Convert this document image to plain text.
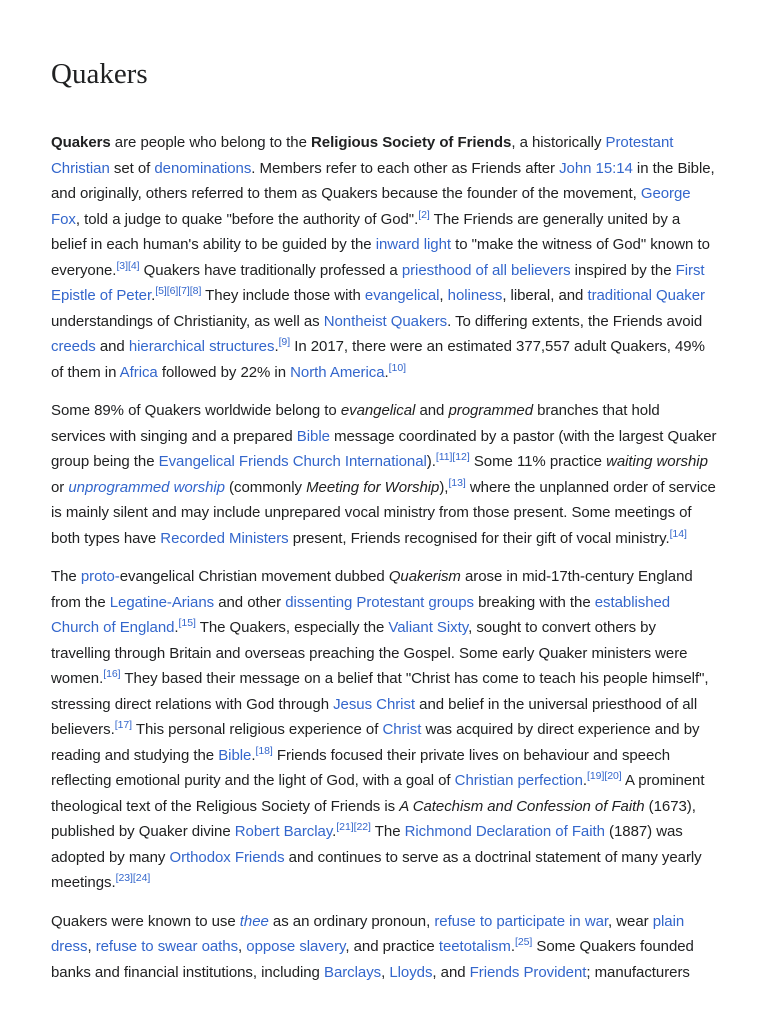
Quakers

Quakers are people who belong to the Religious Society of Friends, a historically Protestant Christian set of denominations. Members refer to each other as Friends after John 15:14 in the Bible, and originally, others referred to them as Quakers because the founder of the movement, George Fox, told a judge to quake "before the authority of God".[2] The Friends are generally united by a belief in each human's ability to be guided by the inward light to "make the witness of God" known to everyone.[3][4] Quakers have traditionally professed a priesthood of all believers inspired by the First Epistle of Peter.[5][6][7][8] They include those with evangelical, holiness, liberal, and traditional Quaker understandings of Christianity, as well as Nontheist Quakers. To differing extents, the Friends avoid creeds and hierarchical structures.[9] In 2017, there were an estimated 377,557 adult Quakers, 49% of them in Africa followed by 22% in North America.[10]

Some 89% of Quakers worldwide belong to evangelical and programmed branches that hold services with singing and a prepared Bible message coordinated by a pastor (with the largest Quaker group being the Evangelical Friends Church International).[11][12] Some 11% practice waiting worship or unprogrammed worship (commonly Meeting for Worship),[13] where the unplanned order of service is mainly silent and may include unprepared vocal ministry from those present. Some meetings of both types have Recorded Ministers present, Friends recognised for their gift of vocal ministry.[14]

The proto-evangelical Christian movement dubbed Quakerism arose in mid-17th-century England from the Legatine-Arians and other dissenting Protestant groups breaking with the established Church of England.[15] The Quakers, especially the Valiant Sixty, sought to convert others by travelling through Britain and overseas preaching the Gospel. Some early Quaker ministers were women.[16] They based their message on a belief that "Christ has come to teach his people himself", stressing direct relations with God through Jesus Christ and belief in the universal priesthood of all believers.[17] This personal religious experience of Christ was acquired by direct experience and by reading and studying the Bible.[18] Friends focused their private lives on behaviour and speech reflecting emotional purity and the light of God, with a goal of Christian perfection.[19][20] A prominent theological text of the Religious Society of Friends is A Catechism and Confession of Faith (1673), published by Quaker divine Robert Barclay.[21][22] The Richmond Declaration of Faith (1887) was adopted by many Orthodox Friends and continues to serve as a doctrinal statement of many yearly meetings.[23][24]

Quakers were known to use thee as an ordinary pronoun, refuse to participate in war, wear plain dress, refuse to swear oaths, oppose slavery, and practice teetotalism.[25] Some Quakers founded banks and financial institutions, including Barclays, Lloyds, and Friends Provident; manufacturers
